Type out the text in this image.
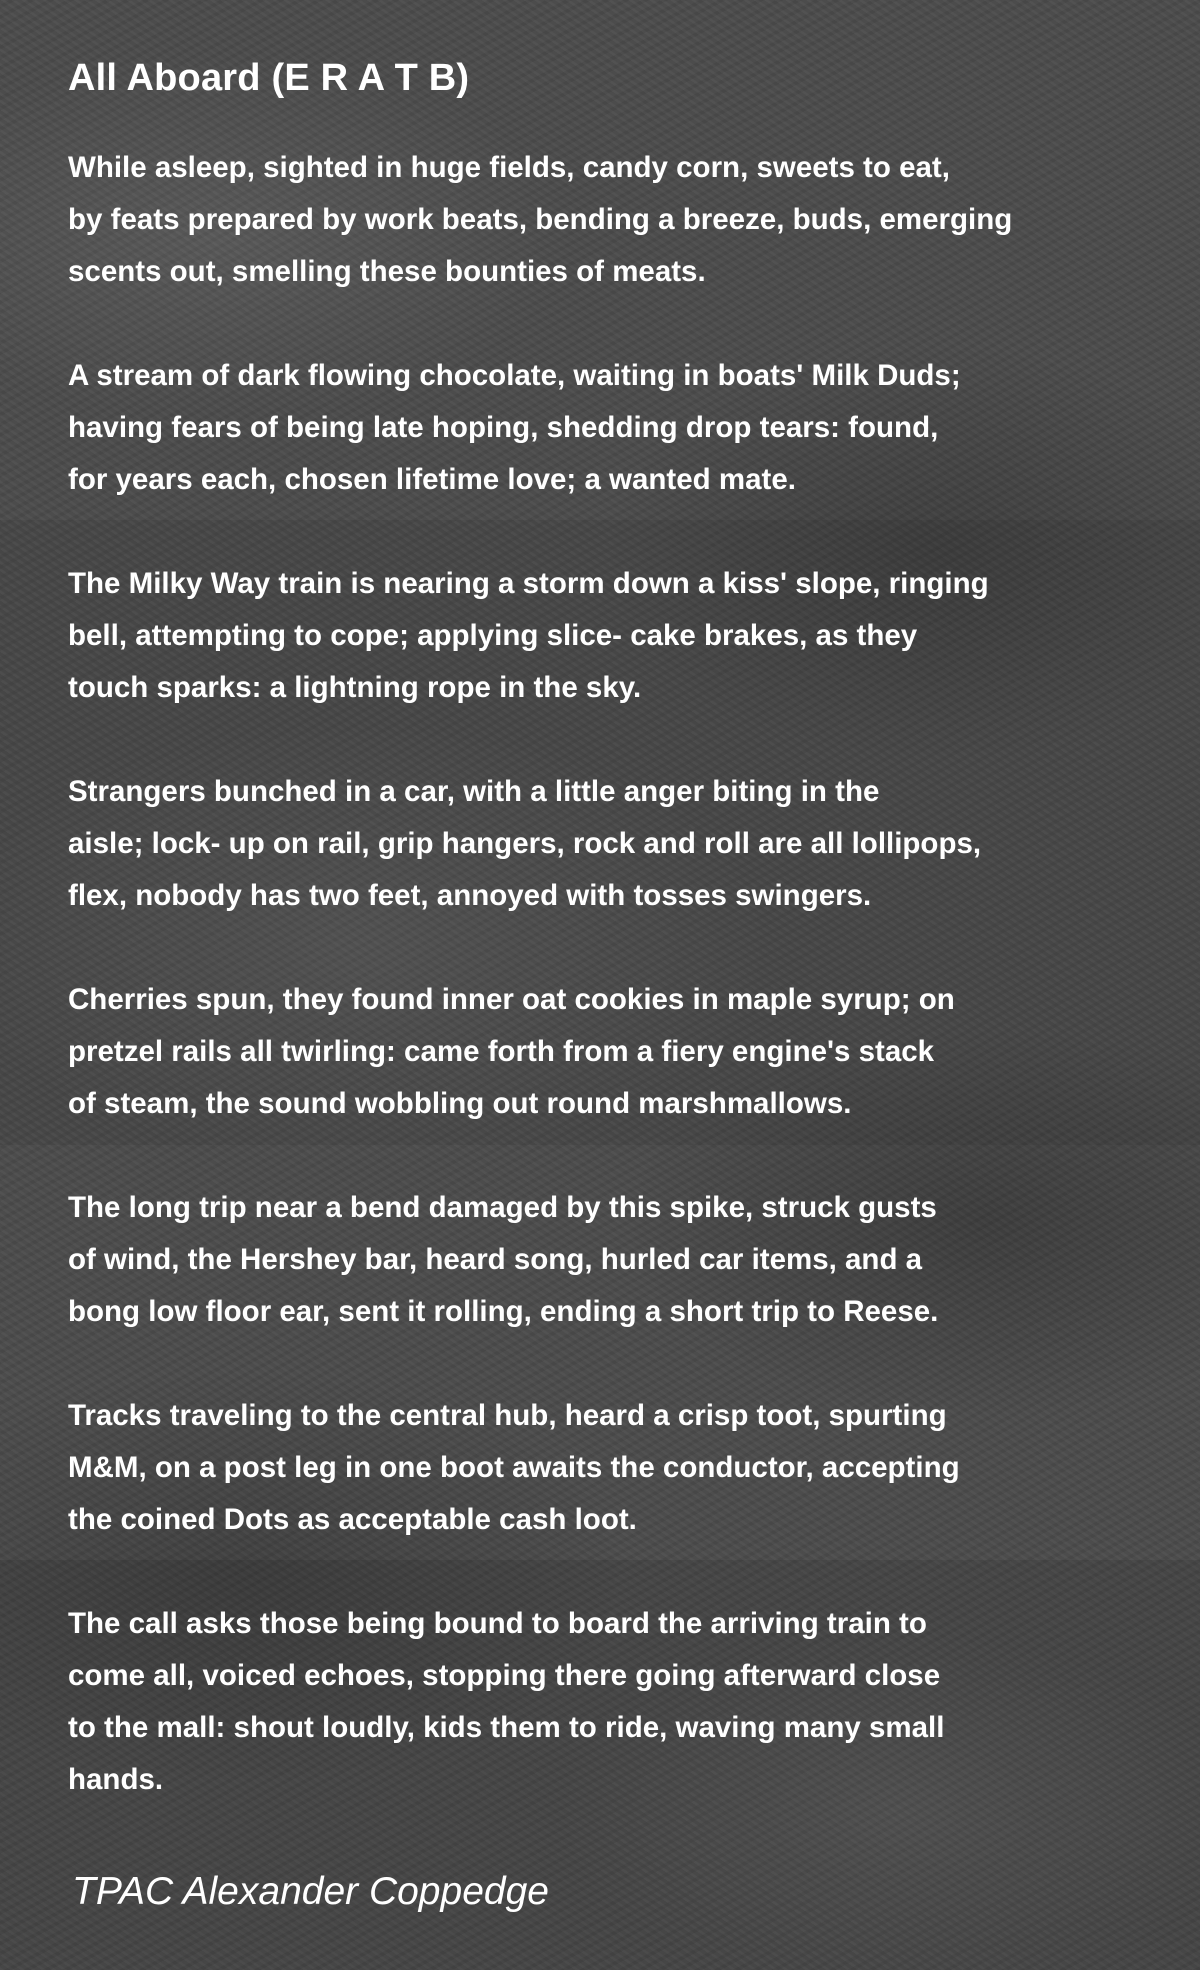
All Aboard (E R A T B)

While asleep, sighted in huge fields, candy corn, sweets to eat,
by feats prepared by work beats, bending a breeze, buds, emerging
scents out, smelling these bounties of meats.

A stream of dark flowing chocolate, waiting in boats' Milk Duds;
having fears of being late hoping, shedding drop tears: found,
for years each, chosen lifetime love; a wanted mate.

The Milky Way train is nearing a storm down a kiss' slope, ringing
bell, attempting to cope; applying slice- cake brakes, as they
touch sparks: a lightning rope in the sky.

Strangers bunched in a car, with a little anger biting in the
aisle; lock- up on rail, grip hangers, rock and roll are all lollipops,
flex, nobody has two feet, annoyed with tosses swingers.

Cherries spun, they found inner oat cookies in maple syrup; on
pretzel rails all twirling: came forth from a fiery engine's stack
of steam, the sound wobbling out round marshmallows.

The long trip near a bend damaged by this spike, struck gusts
of wind, the Hershey bar, heard song, hurled car items, and a
bong low floor ear, sent it rolling, ending a short trip to Reese.

Tracks traveling to the central hub, heard a crisp toot, spurting
M&M, on a post leg in one boot awaits the conductor, accepting
the coined Dots as acceptable cash loot.

The call asks those being bound to board the arriving train to
come all, voiced echoes, stopping there going afterward close
to the mall: shout loudly, kids them to ride, waving many small
hands.

TPAC Alexander Coppedge
